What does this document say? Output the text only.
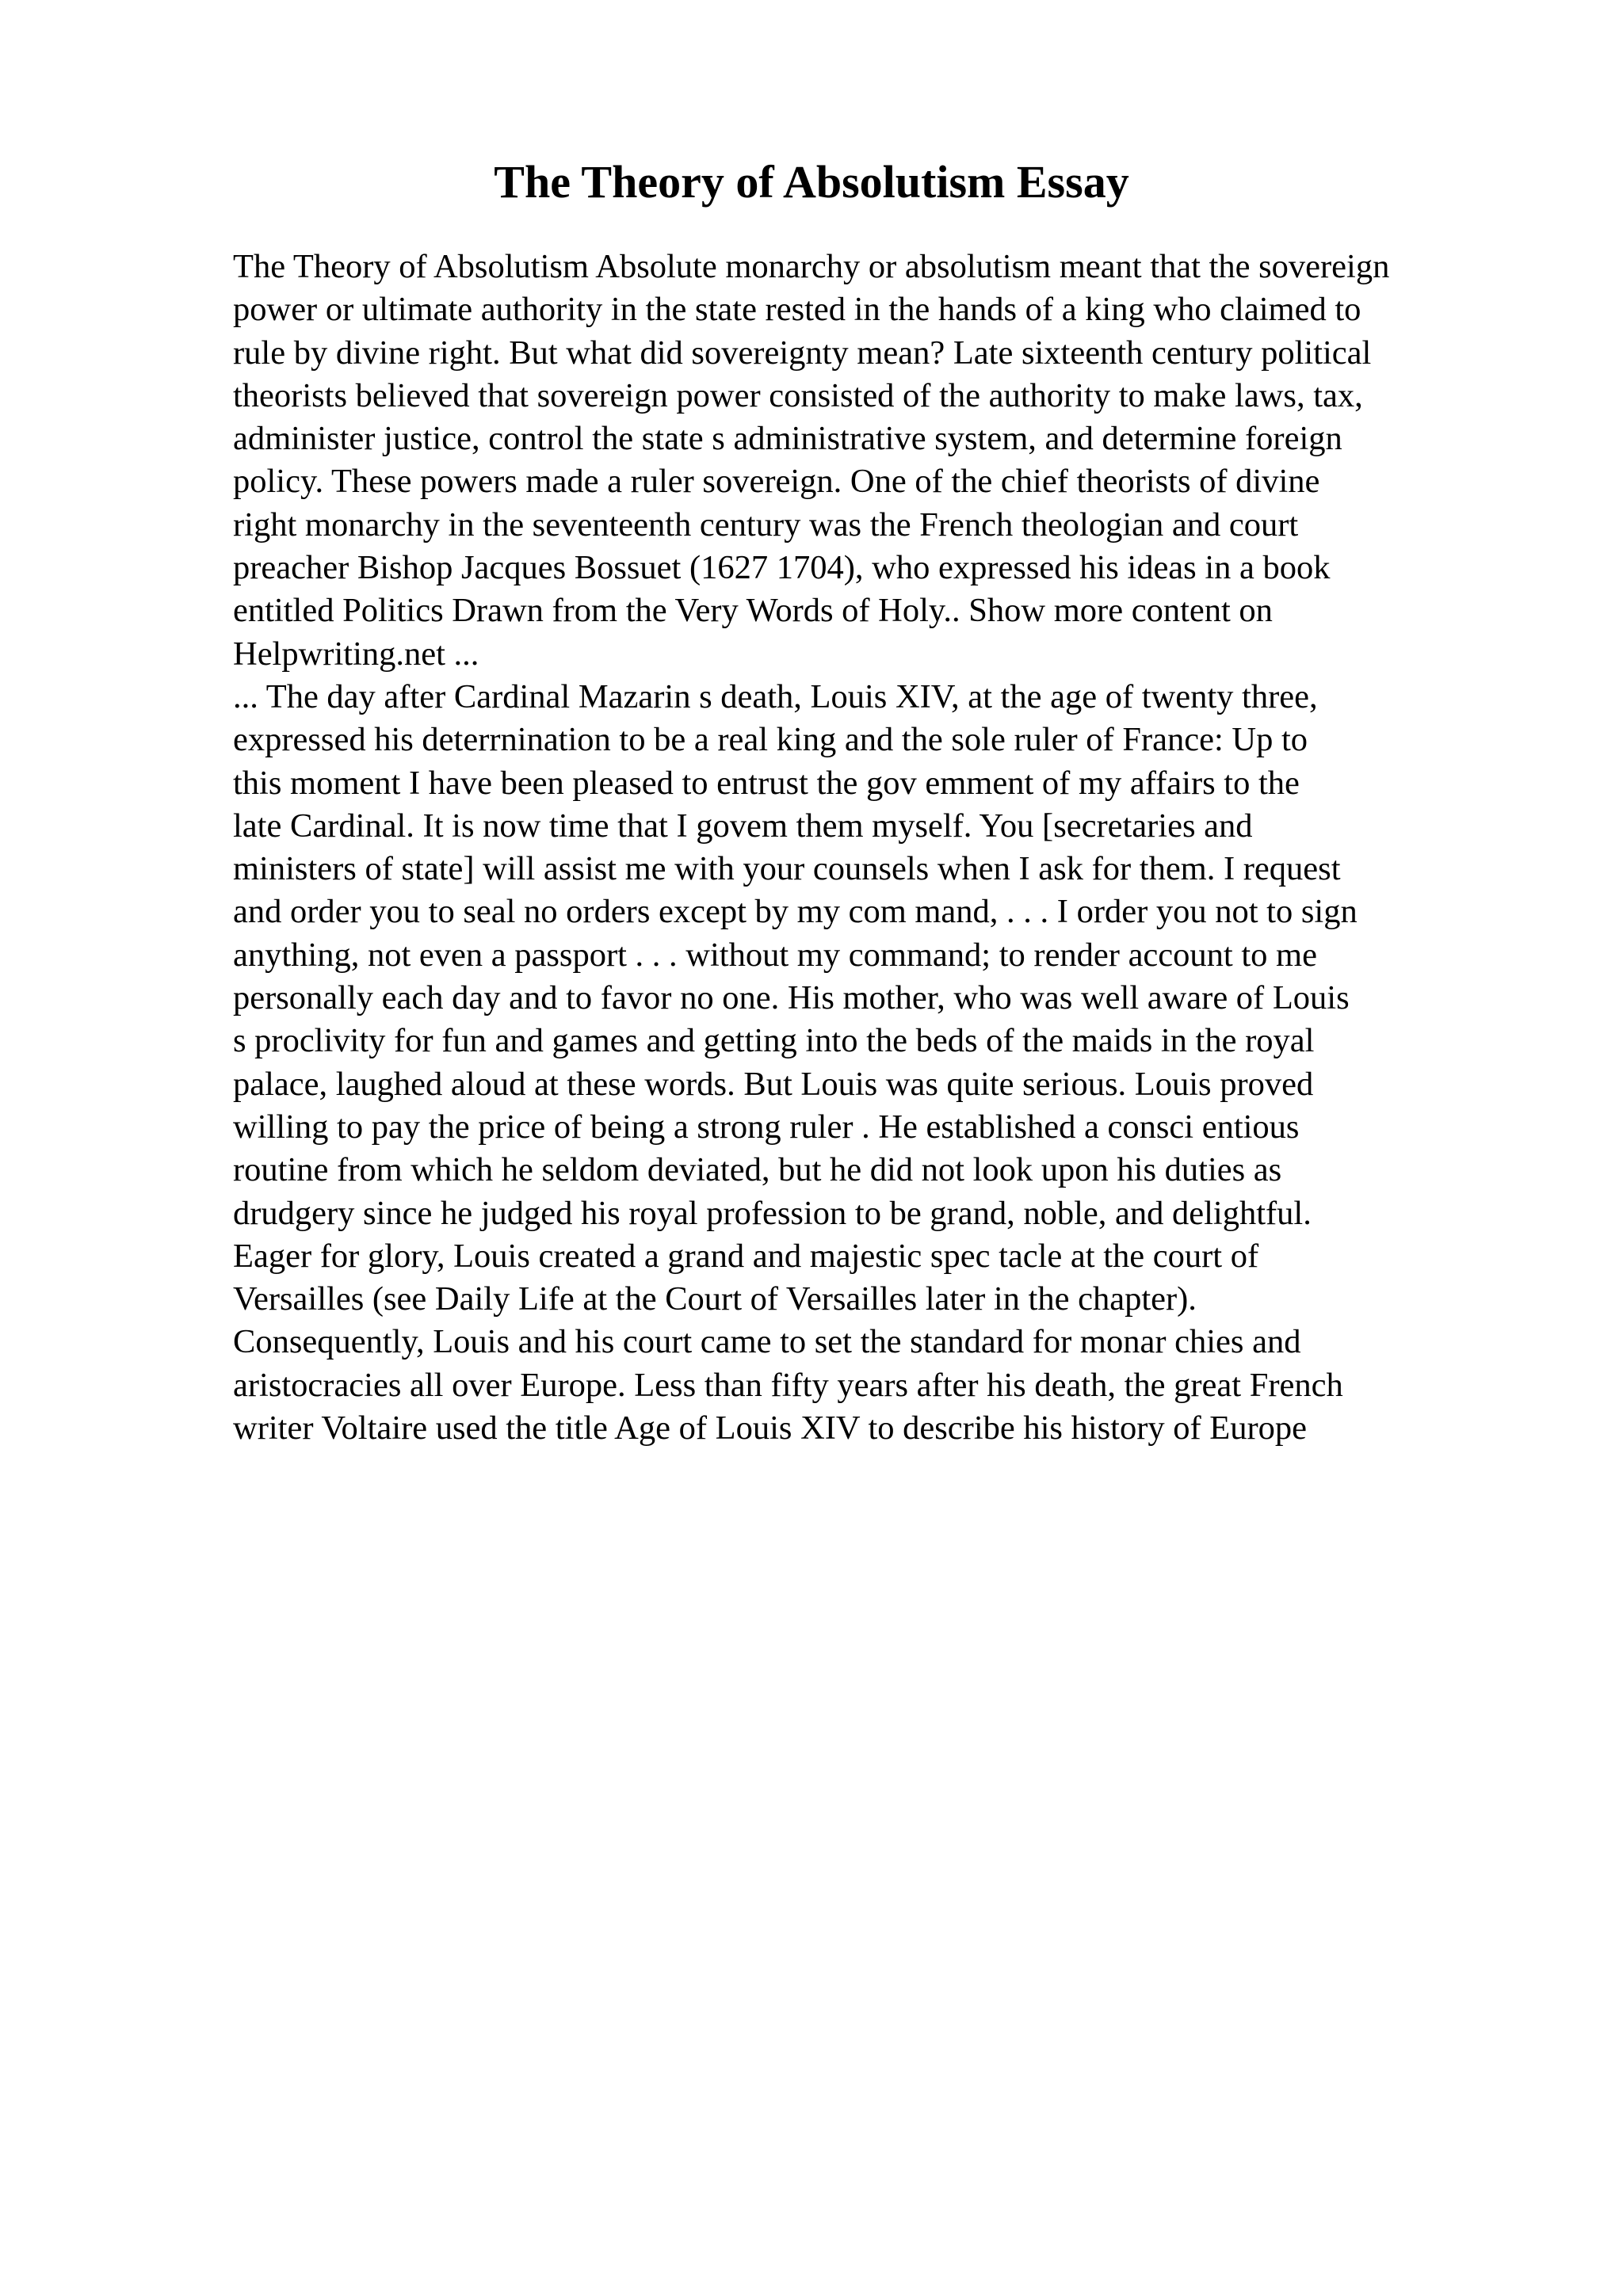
The Theory of Absolutism Essay
The Theory of Absolutism Absolute monarchy or absolutism meant that the sovereign
power or ultimate authority in the state rested in the hands of a king who claimed to
rule by divine right. But what did sovereignty mean? Late sixteenth century political
theorists believed that sovereign power consisted of the authority to make laws, tax,
administer justice, control the state s administrative system, and determine foreign
policy. These powers made a ruler sovereign. One of the chief theorists of divine
right monarchy in the seventeenth century was the French theologian and court
preacher Bishop Jacques Bossuet (1627 1704), who expressed his ideas in a book
entitled Politics Drawn from the Very Words of Holy.. Show more content on
Helpwriting.net ...
... The day after Cardinal Mazarin s death, Louis XIV, at the age of twenty three,
expressed his deterrnination to be a real king and the sole ruler of France: Up to
this moment I have been pleased to entrust the gov emment of my affairs to the
late Cardinal. It is now time that I govem them myself. You [secretaries and
ministers of state] will assist me with your counsels when I ask for them. I request
and order you to seal no orders except by my com mand, . . . I order you not to sign
anything, not even a passport . . . without my command; to render account to me
personally each day and to favor no one. His mother, who was well aware of Louis
s proclivity for fun and games and getting into the beds of the maids in the royal
palace, laughed aloud at these words. But Louis was quite serious. Louis proved
willing to pay the price of being a strong ruler . He established a consci entious
routine from which he seldom deviated, but he did not look upon his duties as
drudgery since he judged his royal profession to be grand, noble, and delightful.
Eager for glory, Louis created a grand and majestic spec tacle at the court of
Versailles (see Daily Life at the Court of Versailles later in the chapter).
Consequently, Louis and his court came to set the standard for monar chies and
aristocracies all over Europe. Less than fifty years after his death, the great French
writer Voltaire used the title Age of Louis XIV to describe his history of Europe
